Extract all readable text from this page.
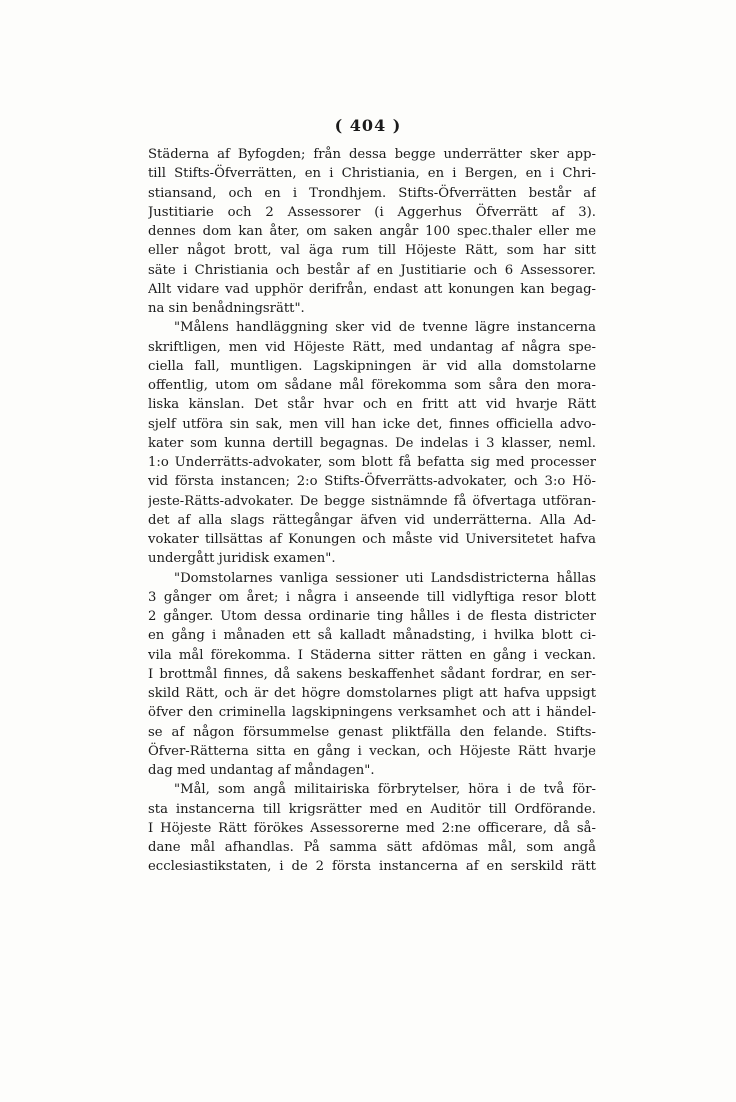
( 404 )
Städerna af Byfogden; från dessa begge underrätter sker app-
till Stifts-Öfverrätten, en i Christiania, en i Bergen, en i Chri-
stiansand, och en i Trondhjem. Stifts-Öfverrätten består af
Justitiarie och 2 Assessorer (i Aggerhus Öfverrätt af 3).
dennes dom kan åter, om saken angår 100 spec.thaler eller me
eller något brott, val äga rum till Höjeste Rätt, som har sitt
säte i Christiania och består af en Justitiarie och 6 Assessorer.
Allt vidare vad upphör derifrån, endast att konungen kan begag-
na sin benådningsrätt".
"Målens handläggning sker vid de tvenne lägre instancerna
skriftligen, men vid Höjeste Rätt, med undantag af några spe-
ciella fall, muntligen. Lagskipningen är vid alla domstolarne
offentlig, utom om sådane mål förekomma som såra den mora-
liska känslan. Det står hvar och en fritt att vid hvarje Rätt
sjelf utföra sin sak, men vill han icke det, finnes officiella advo-
kater som kunna dertill begagnas. De indelas i 3 klasser, neml.
1:o Underrätts-advokater, som blott få befatta sig med processer
vid första instancen; 2:o Stifts-Öfverrätts-advokater, och 3:o Hö-
jeste-Rätts-advokater. De begge sistnämnde få öfvertaga utföran-
det af alla slags rättegångar äfven vid underrätterna. Alla Ad-
vokater tillsättas af Konungen och måste vid Universitetet hafva
undergått juridisk examen".
"Domstolarnes vanliga sessioner uti Landsdistricterna hållas
3 gånger om året; i några i anseende till vidlyftiga resor blott
2 gånger. Utom dessa ordinarie ting hålles i de flesta districter
en gång i månaden ett så kalladt månadsting, i hvilka blott ci-
vila mål förekomma. I Städerna sitter rätten en gång i veckan.
I brottmål finnes, då sakens beskaffenhet sådant fordrar, en ser-
skild Rätt, och är det högre domstolarnes pligt att hafva uppsigt
öfver den criminella lagskipningens verksamhet och att i händel-
se af någon försummelse genast pliktfälla den felande. Stifts-
Öfver-Rätterna sitta en gång i veckan, och Höjeste Rätt hvarje
dag med undantag af måndagen".
"Mål, som angå militairiska förbrytelser, höra i de två för-
sta instancerna till krigsrätter med en Auditör till Ordförande.
I Höjeste Rätt förökes Assessorerne med 2:ne officerare, då så-
dane mål afhandlas. På samma sätt afdömas mål, som angå
ecclesiastikstaten, i de 2 första instancerna af en serskild rätt
